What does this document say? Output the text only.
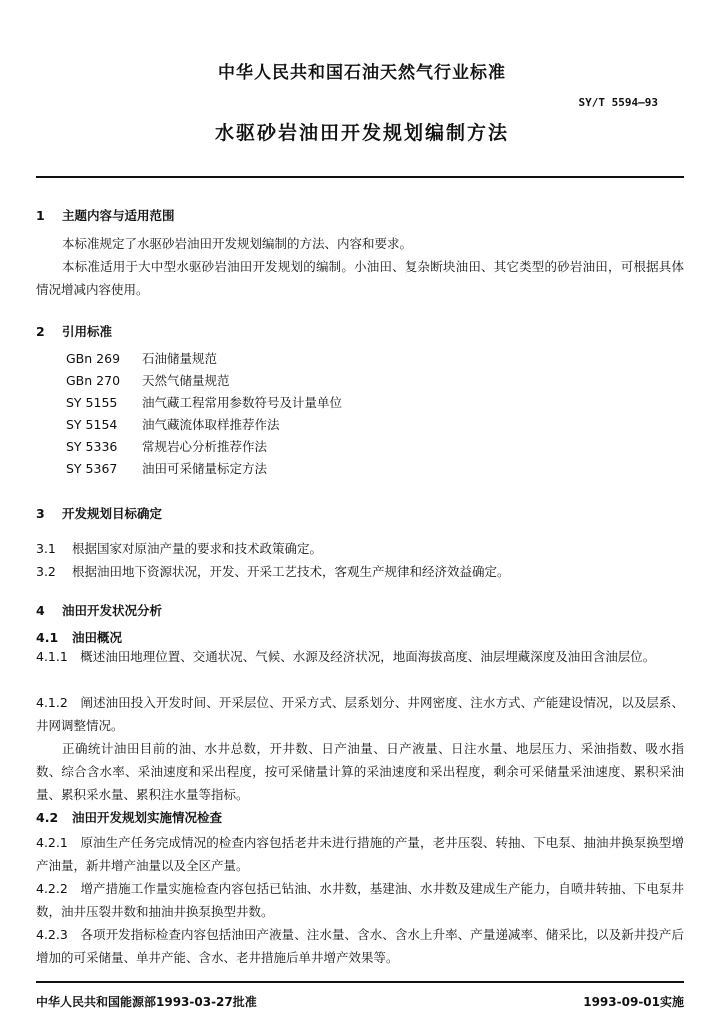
中华人民共和国石油天然气行业标准
SY/T 5594—93
水驱砂岩油田开发规划编制方法
1 主题内容与适用范围
本标准规定了水驱砂岩油田开发规划编制的方法、内容和要求。
本标准适用于大中型水驱砂岩油田开发规划的编制。小油田、复杂断块油田、其它类型的砂岩油田，可根据具体情况增减内容使用。
2 引用标准
GBn 269 石油储量规范
GBn 270 天然气储量规范
SY 5155 油气藏工程常用参数符号及计量单位
SY 5154 油气藏流体取样推荐作法
SY 5336 常规岩心分析推荐作法
SY 5367 油田可采储量标定方法
3 开发规划目标确定
3.1 根据国家对原油产量的要求和技术政策确定。
3.2 根据油田地下资源状况，开发、开采工艺技术，客观生产规律和经济效益确定。
4 油田开发状况分析
4.1 油田概况
4.1.1　概述油田地理位置、交通状况、气候、水源及经济状况，地面海拔高度、油层埋藏深度及油田含油层位。
4.1.2　阐述油田投入开发时间、开采层位、开采方式、层系划分、井网密度、注水方式、产能建设情况，以及层系、井网调整情况。
正确统计油田目前的油、水井总数，开井数、日产油量、日产液量、日注水量、地层压力、采油指数、吸水指数、综合含水率、采油速度和采出程度，按可采储量计算的采油速度和采出程度，剩余可采储量采油速度、累积采油量、累积采水量、累积注水量等指标。
4.2 油田开发规划实施情况检查
4.2.1　原油生产任务完成情况的检查内容包括老井未进行措施的产量，老井压裂、转抽、下电泵、抽油井换泵换型增产油量，新井增产油量以及全区产量。
4.2.2　增产措施工作量实施检查内容包括已钻油、水井数，基建油、水井数及建成生产能力，自喷井转抽、下电泵井数，油井压裂井数和抽油井换泵换型井数。
4.2.3　各项开发指标检查内容包括油田产液量、注水量、含水、含水上升率、产量递减率、储采比，以及新井投产后增加的可采储量、单井产能、含水、老井措施后单井增产效果等。
中华人民共和国能源部1993-03-27批准	1993-09-01实施
